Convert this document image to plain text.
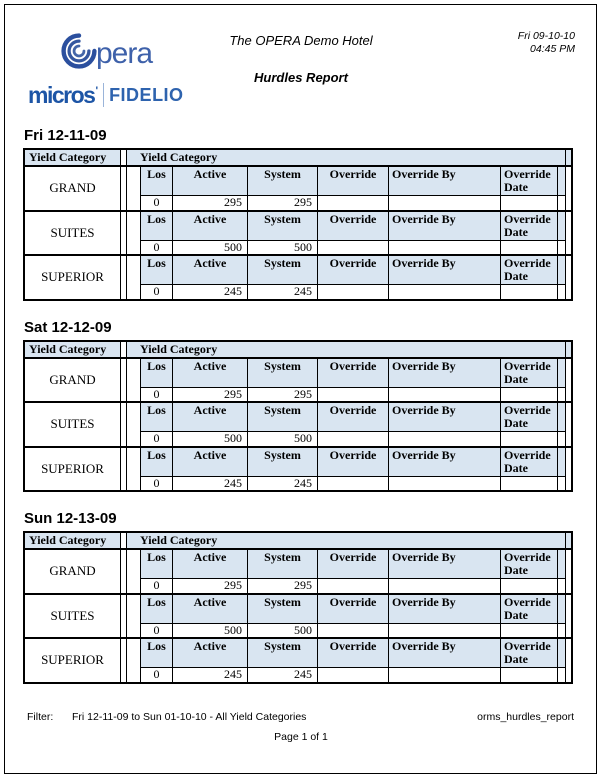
pera
micros ' FIDELIO
The OPERA Demo Hotel
Hurdles Report
Fri 09-10-10
04:45 PM
Fri 12-11-09
Yield Category	Yield Category
GRAND
Los	Active	System	Override	Override By	Override Date	
0	295	295				
SUITES
Los	Active	System	Override	Override By	Override Date	
0	500	500				
SUPERIOR
Los	Active	System	Override	Override By	Override Date	
0	245	245				
Sat 12-12-09
Yield Category	Yield Category
GRAND
Los	Active	System	Override	Override By	Override Date	
0	295	295				
SUITES
Los	Active	System	Override	Override By	Override Date	
0	500	500				
SUPERIOR
Los	Active	System	Override	Override By	Override Date	
0	245	245				
Sun 12-13-09
Yield Category	Yield Category
GRAND
Los	Active	System	Override	Override By	Override Date	
0	295	295				
SUITES
Los	Active	System	Override	Override By	Override Date	
0	500	500				
SUPERIOR
Los	Active	System	Override	Override By	Override Date	
0	245	245				
Filter: Fri 12-11-09 to Sun 01-10-10 - All Yield Categories	orms_hurdles_report
Page 1 of 1
